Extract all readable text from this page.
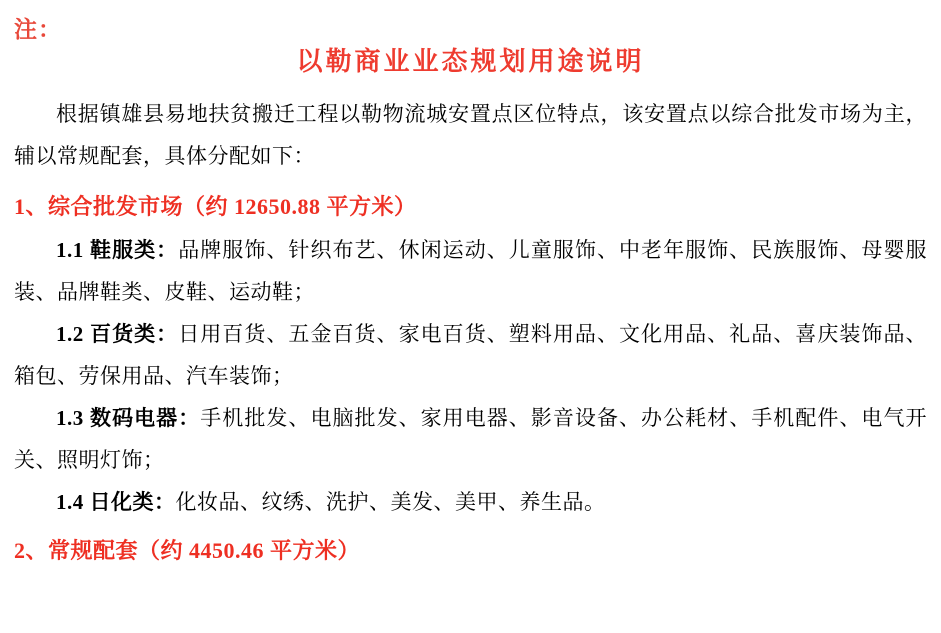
注：
以勒商业业态规划用途说明

根据镇雄县易地扶贫搬迁工程以勒物流城安置点区位特点，该安置点以综合批发市场为主，辅以常规配套，具体分配如下：

1、综合批发市场（约 12650.88 平方米）

1.1 鞋服类：品牌服饰、针织布艺、休闲运动、儿童服饰、中老年服饰、民族服饰、母婴服装、品牌鞋类、皮鞋、运动鞋；

1.2 百货类：日用百货、五金百货、家电百货、塑料用品、文化用品、礼品、喜庆装饰品、箱包、劳保用品、汽车装饰；

1.3 数码电器：手机批发、电脑批发、家用电器、影音设备、办公耗材、手机配件、电气开关、照明灯饰；

1.4 日化类：化妆品、纹绣、洗护、美发、美甲、养生品。

2、常规配套（约 4450.46 平方米）
